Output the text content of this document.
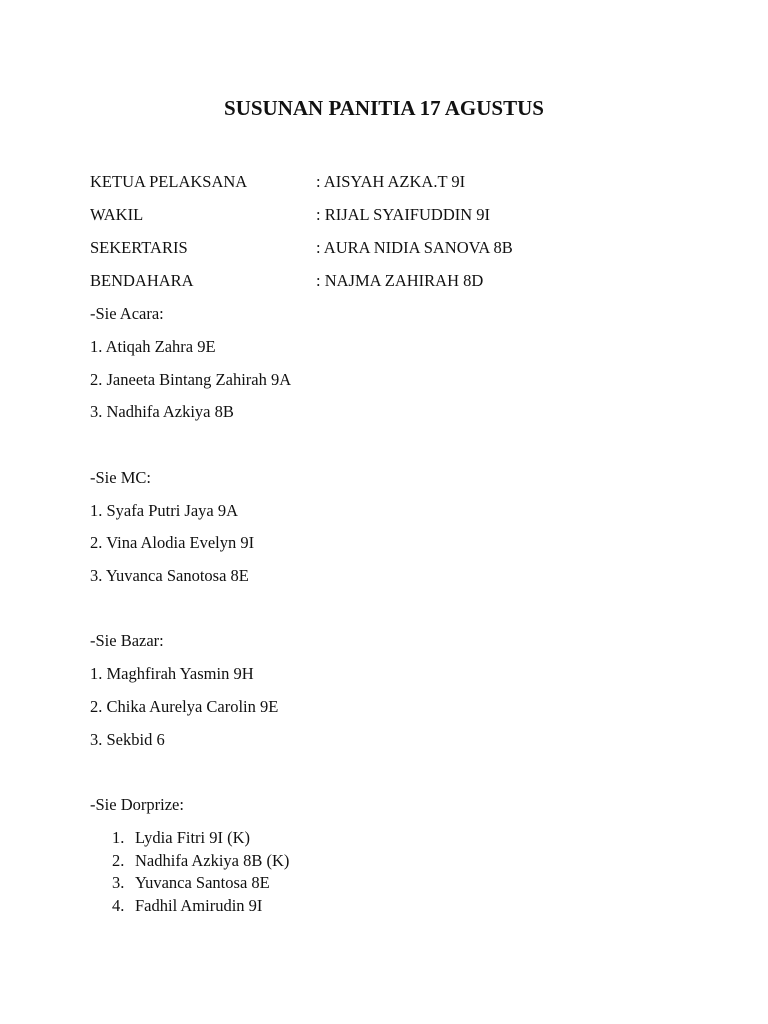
SUSUNAN PANITIA 17 AGUSTUS
KETUA PELAKSANA	: AISYAH AZKA.T 9I
WAKIL	: RIJAL SYAIFUDDIN 9I
SEKERTARIS	: AURA NIDIA SANOVA 8B
BENDAHARA	: NAJMA ZAHIRAH 8D
-Sie Acara:
1. Atiqah Zahra 9E
2. Janeeta Bintang Zahirah 9A
3. Nadhifa Azkiya 8B
-Sie MC:
1. Syafa Putri Jaya 9A
2. Vina Alodia Evelyn 9I
3. Yuvanca Sanotosa 8E
-Sie Bazar:
1. Maghfirah Yasmin 9H
2. Chika Aurelya Carolin 9E
3. Sekbid 6
-Sie Dorprize:
1. Lydia Fitri 9I (K)
2. Nadhifa Azkiya 8B (K)
3. Yuvanca Santosa 8E
4. Fadhil Amirudin 9I
